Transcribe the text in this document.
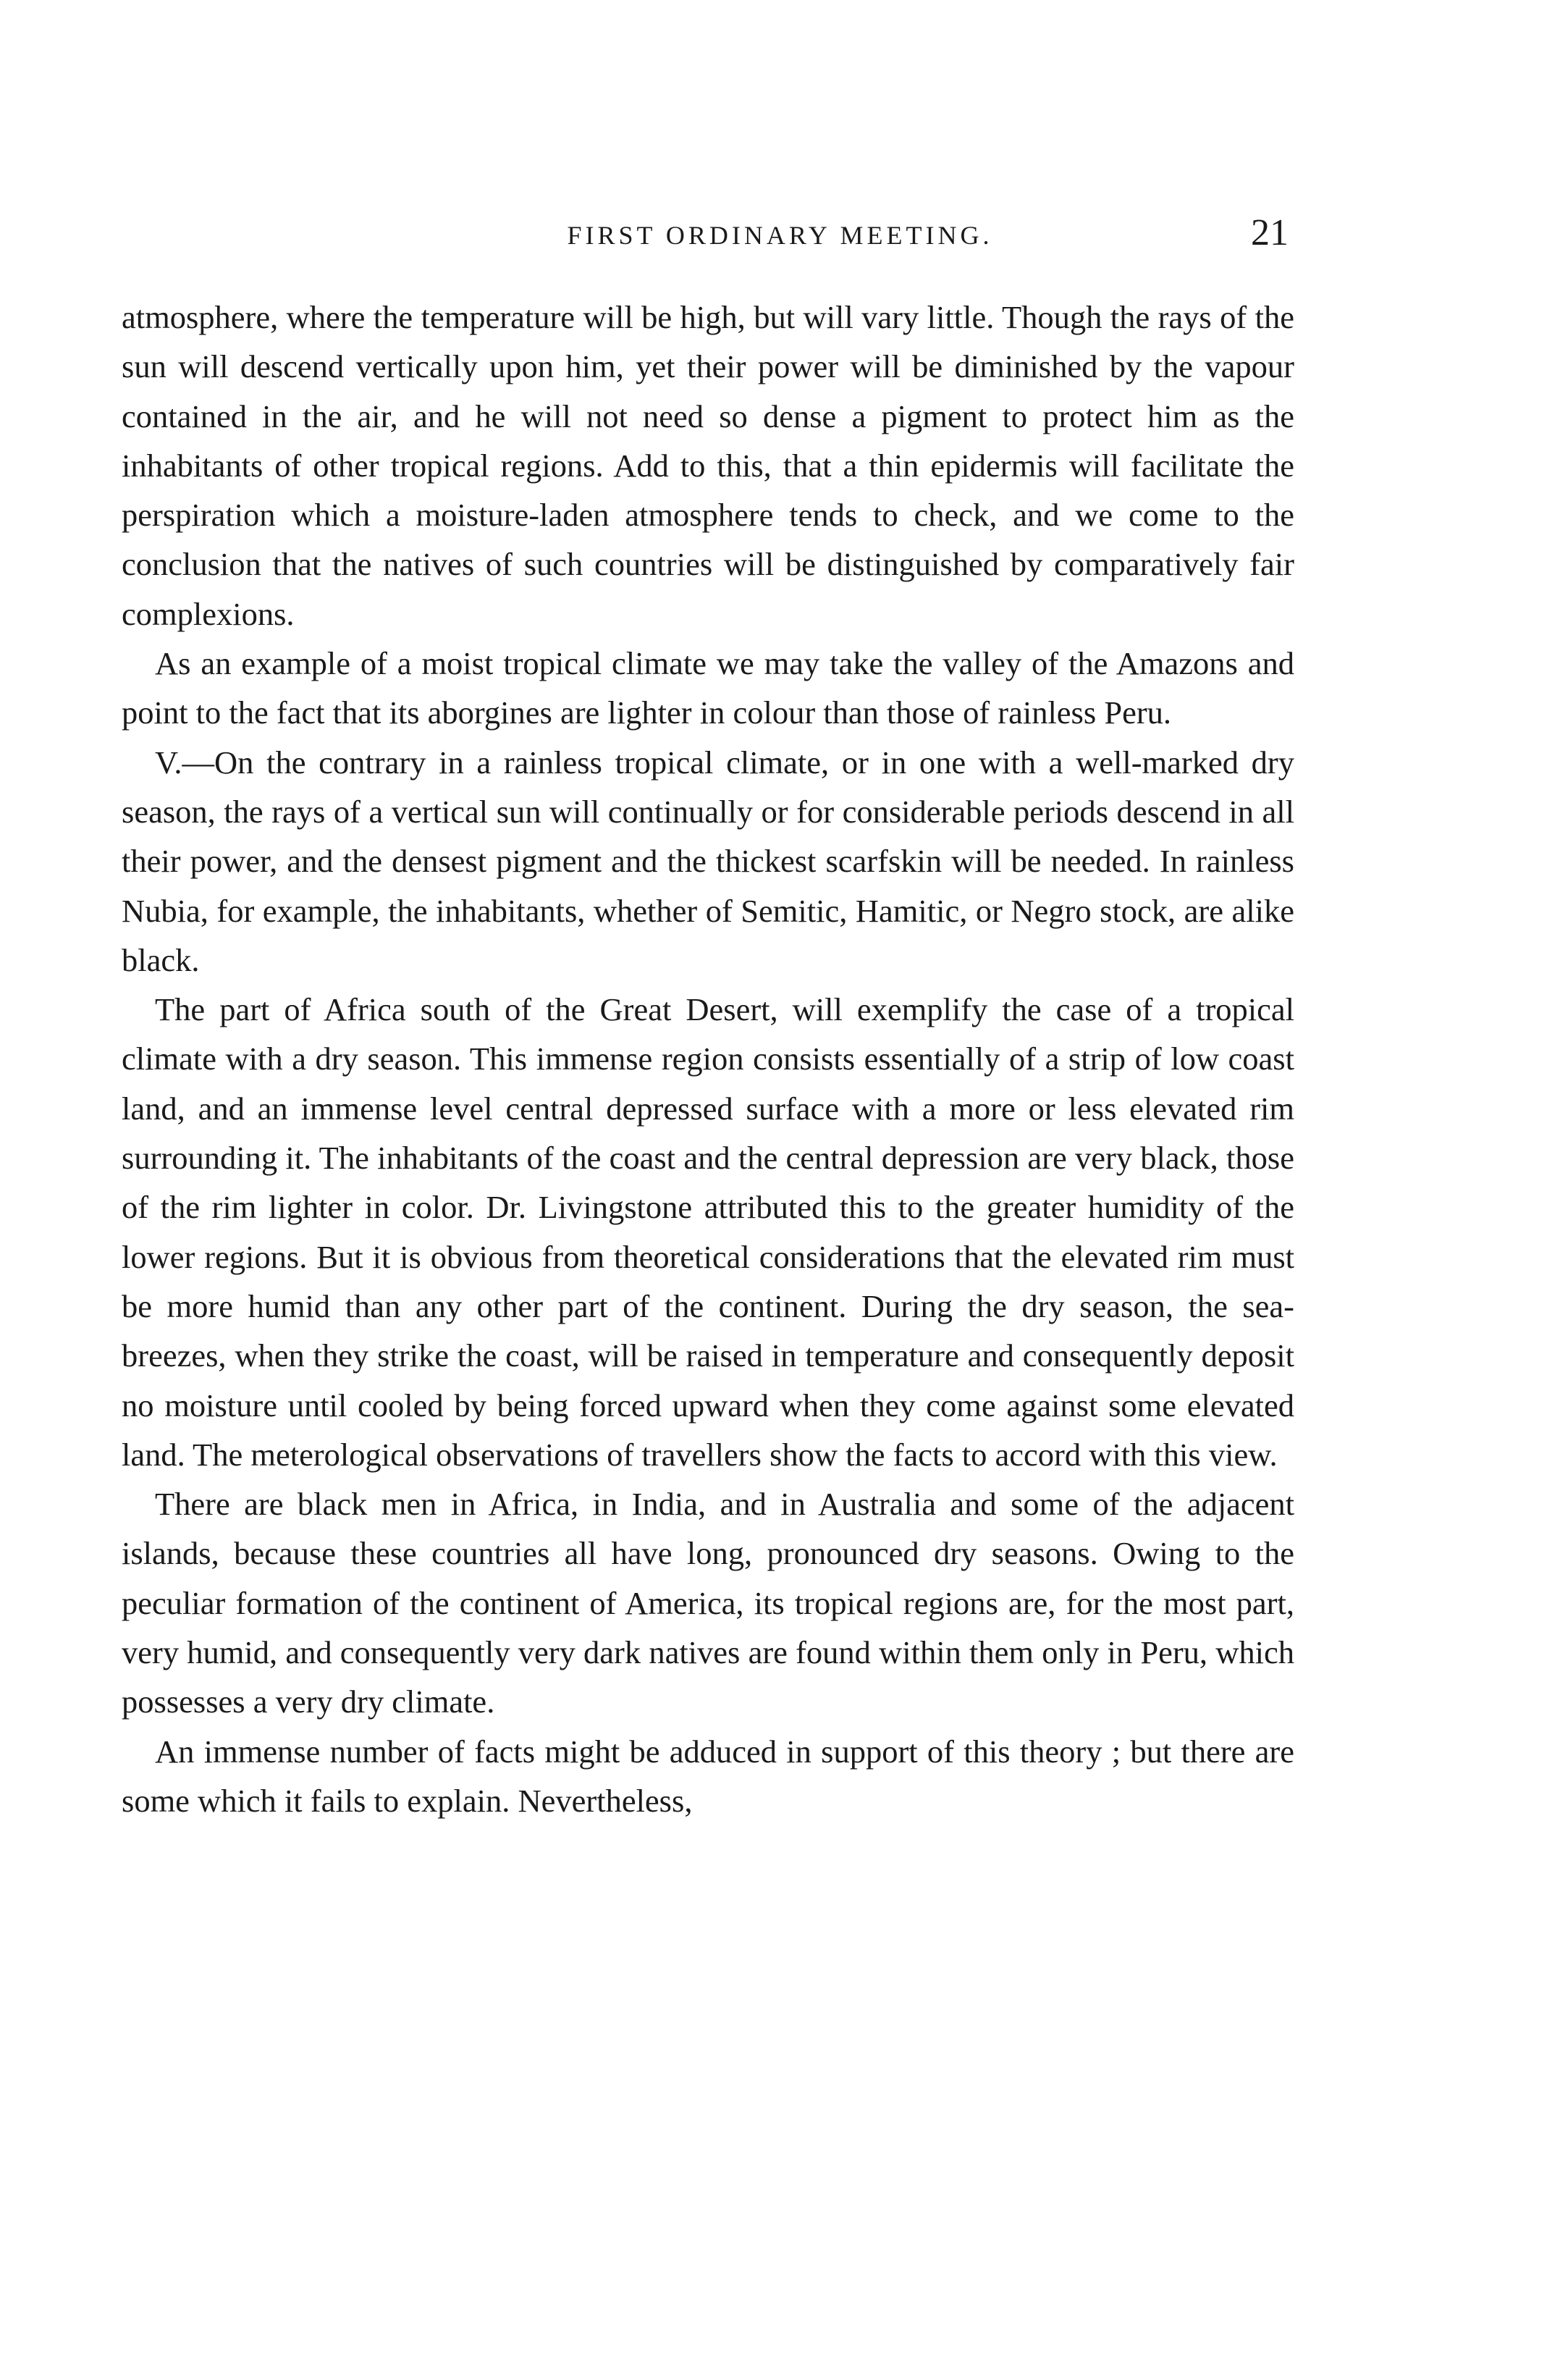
FIRST ORDINARY MEETING.	21

atmosphere, where the temperature will be high, but will vary little. Though the rays of the sun will descend vertically upon him, yet their power will be diminished by the vapour contained in the air, and he will not need so dense a pigment to protect him as the inhabitants of other tropical regions. Add to this, that a thin epidermis will facilitate the perspiration which a moisture-laden atmosphere tends to check, and we come to the conclusion that the natives of such countries will be distinguished by comparatively fair complexions.

As an example of a moist tropical climate we may take the valley of the Amazons and point to the fact that its aborgines are lighter in colour than those of rainless Peru.

V.—On the contrary in a rainless tropical climate, or in one with a well-marked dry season, the rays of a vertical sun will continually or for considerable periods descend in all their power, and the densest pigment and the thickest scarfskin will be needed. In rainless Nubia, for example, the inhabitants, whether of Semitic, Hamitic, or Negro stock, are alike black.

The part of Africa south of the Great Desert, will exemplify the case of a tropical climate with a dry season. This immense region consists essentially of a strip of low coast land, and an immense level central depressed surface with a more or less elevated rim surrounding it. The inhabitants of the coast and the central depression are very black, those of the rim lighter in color. Dr. Livingstone attributed this to the greater humidity of the lower regions. But it is obvious from theoretical considerations that the elevated rim must be more humid than any other part of the continent. During the dry season, the sea-breezes, when they strike the coast, will be raised in temperature and consequently deposit no moisture until cooled by being forced upward when they come against some elevated land. The meterological observations of travellers show the facts to accord with this view.

There are black men in Africa, in India, and in Australia and some of the adjacent islands, because these countries all have long, pronounced dry seasons. Owing to the peculiar formation of the continent of America, its tropical regions are, for the most part, very humid, and consequently very dark natives are found within them only in Peru, which possesses a very dry climate.

An immense number of facts might be adduced in support of this theory ; but there are some which it fails to explain. Nevertheless,
